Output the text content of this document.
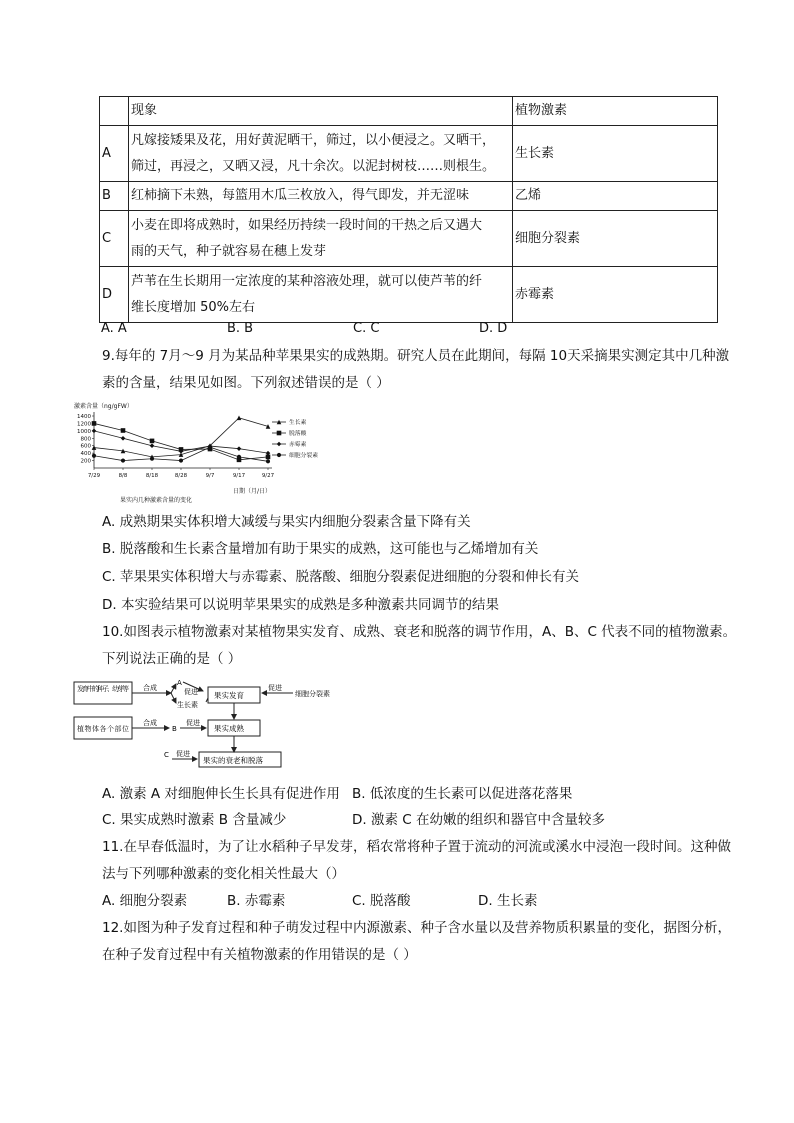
	现象	植物激素
A	凡嫁接矮果及花，用好黄泥晒干，筛过，以小便浸之。又晒干，
筛过，再浸之，又晒又浸，凡十余次。以泥封树枝……则根生。	生长素
B	红柿摘下未熟，每篮用木瓜三枚放入，得气即发，并无涩味	乙烯
C	小麦在即将成熟时，如果经历持续一段时间的干热之后又遇大
雨的天气，种子就容易在穗上发芽	细胞分裂素
D	芦苇在生长期用一定浓度的某种溶液处理，就可以使芦苇的纤
维长度增加 50%左右	赤霉素
A. A	B. B	C. C	D. D
9.每年的 7月～9 月为某品种苹果果实的成熟期。研究人员在此期间，每隔 10天采摘果实测定其中几种激
素的含量，结果见如图。下列叙述错误的是（ ）
激素含量（ng/gFW）
200
400
600
800
1000
1200
1400
7/29	8/8	8/18	8/28	9/7	9/17	9/27
生长素
脱落酸
赤霉素
细胞分裂素
日期（月/日）
果实内几种激素含量的变化
A. 成熟期果实体积增大减缓与果实内细胞分裂素含量下降有关
B. 脱落酸和生长素含量增加有助于果实的成熟，这可能也与乙烯增加有关
C. 苹果果实体积增大与赤霉素、脱落酸、细胞分裂素促进细胞的分裂和伸长有关
D. 本实验结果可以说明苹果果实的成熟是多种激素共同调节的结果
10.如图表示植物激素对某植物果实发育、成熟、衰老和脱落的调节作用，A、B、C 代表不同的植物激素。
下列说法正确的是（ ）
发育中的种子、幼芽等
植物体各个部位
合成
A
生长素
合成
B
促进 果实发育
促进
细胞分裂素
促进
果实成熟
C 促进
果实的衰老和脱落
A. 激素 A 对细胞伸长生长具有促进作用 B. 低浓度的生长素可以促进落花落果
C. 果实成熟时激素 B 含量减少	D. 激素 C 在幼嫩的组织和器官中含量较多
11.在早春低温时，为了让水稻种子早发芽，稻农常将种子置于流动的河流或溪水中浸泡一段时间。这种做
法与下列哪种激素的变化相关性最大（）
A. 细胞分裂素	B. 赤霉素	C. 脱落酸	D. 生长素
12.如图为种子发育过程和种子萌发过程中内源激素、种子含水量以及营养物质积累量的变化，据图分析，
在种子发育过程中有关植物激素的作用错误的是（ ）
